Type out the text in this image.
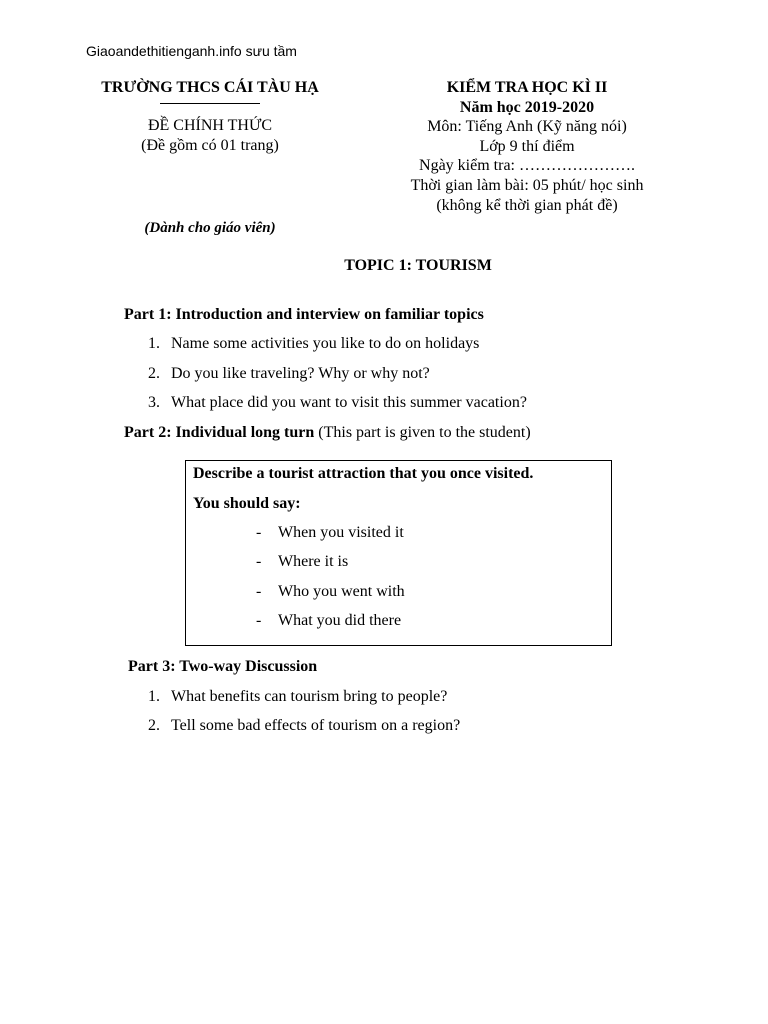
Giaoandethitienganh.info sưu tầm
TRƯỜNG THCS CÁI TÀU HẠ
ĐỀ CHÍNH THỨC
(Đề gồm có 01 trang)
KIỂM TRA HỌC KÌ II
Năm học 2019-2020
Môn: Tiếng Anh (Kỹ năng nói)
Lớp 9 thí điểm
Ngày kiểm tra: ………………….
Thời gian làm bài: 05 phút/ học sinh
(không kể thời gian phát đề)
(Dành cho giáo viên)
TOPIC 1: TOURISM
Part 1: Introduction and interview on familiar topics
1. Name some activities you like to do on holidays
2. Do you like traveling? Why or why not?
3. What place did you want to visit this summer vacation?
Part 2: Individual long turn (This part is given to the student)
Describe a tourist attraction that you once visited.
You should say:
- When you visited it
- Where it is
- Who you went with
- What you did there
Part 3: Two-way Discussion
1. What benefits can tourism bring to people?
2. Tell some bad effects of tourism on a region?
